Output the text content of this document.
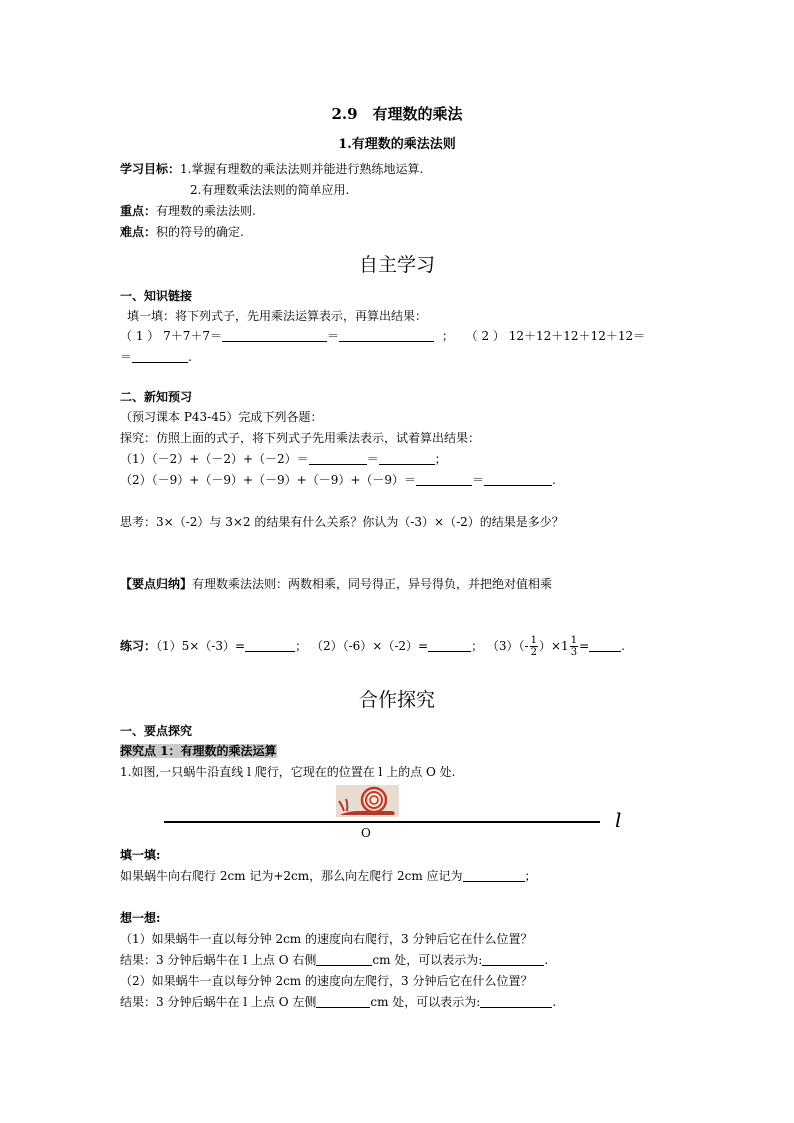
2.9　有理数的乘法
1.有理数的乘法法则
学习目标：1.掌握有理数的乘法法则并能进行熟练地运算.
2.有理数乘法法则的简单应用.
重点：有理数的乘法法则.
难点：积的符号的确定.
自主学习
一、知识链接
填一填：将下列式子，先用乘法运算表示，再算出结果：
（ 1 ） 7＋7＋7＝	＝	； （ 2 ） 12＋12＋12＋12＋12＝
＝	.
二、新知预习
（预习课本 P43-45）完成下列各题：
探究：仿照上面的式子，将下列式子先用乘法表示，试着算出结果：
（1）（－2）+（－2）+（－2）＝	＝	；
（2）（－9）+（－9）+（－9）+（－9）+（－9）＝	＝	.
思考：3×（-2）与 3×2 的结果有什么关系？你认为（-3）×（-2）的结果是多少？
【要点归纳】有理数乘法法则：两数相乘，同号得正，异号得负，并把绝对值相乘
练习：（1）5×（-3）=	； （2）（-6）×（-2）=	； $(3)(- \frac{1}{2} )\times 1 \frac{1}{3}$ =	.
合作探究
一、要点探究
探究点 1：有理数的乘法运算
1.如图,一只蜗牛沿直线 l 爬行，它现在的位置在 l 上的点 O 处.
O
l
填一填:
如果蜗牛向右爬行 2cm 记为+2cm，那么向左爬行 2cm 应记为	；
想一想:
（1）如果蜗牛一直以每分钟 2cm 的速度向右爬行，3 分钟后它在什么位置？
结果：3 分钟后蜗牛在 l 上点 O 右侧	cm 处，可以表示为:	.
（2）如果蜗牛一直以每分钟 2cm 的速度向左爬行，3 分钟后它在什么位置？
结果：3 分钟后蜗牛在 l 上点 O 左侧	cm 处，可以表示为:	.
